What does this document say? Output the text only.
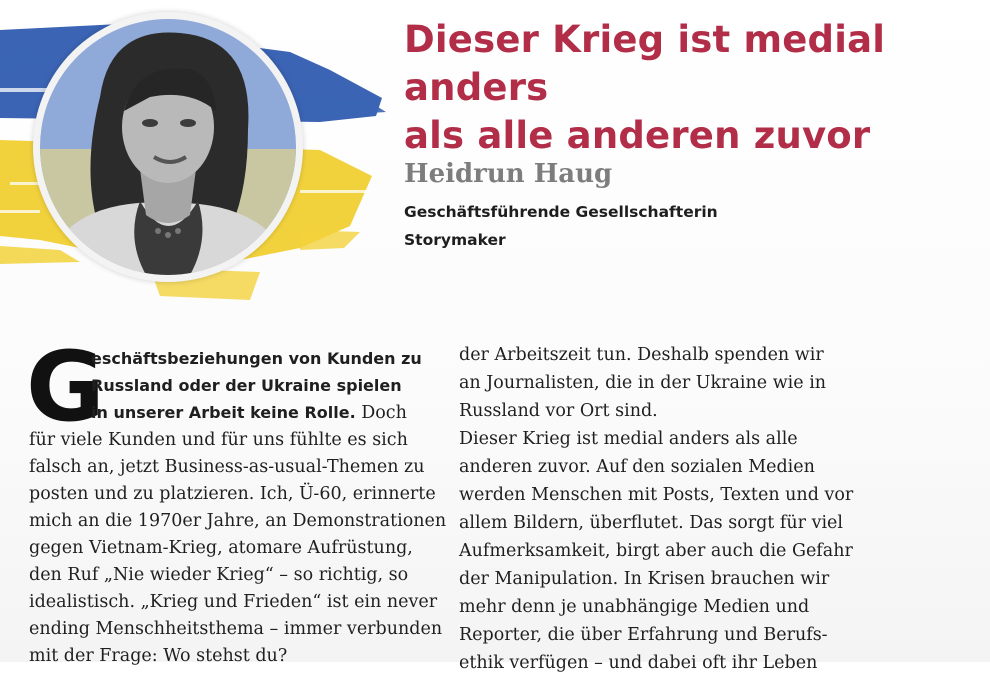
Dieser Krieg ist medial anders
als alle anderen zuvor

Heidrun Haug

Geschäftsführende Gesellschafterin

Storymaker

G
eschäftsbeziehungen von Kunden zu
Russland oder der Ukraine spielen
in unserer Arbeit keine Rolle. Doch
für viele Kunden und für uns fühlte es sich
falsch an, jetzt Business-as-usual-Themen zu
posten und zu platzieren. Ich, Ü-60, erinnerte
mich an die 1970er Jahre, an Demonstrationen
gegen Vietnam-Krieg, atomare Aufrüstung,
den Ruf „Nie wieder Krieg“ – so richtig, so
idealistisch. „Krieg und Frieden“ ist ein never
ending Menschheitsthema – immer verbunden
mit der Frage: Wo stehst du?
der Arbeitszeit tun. Deshalb spenden wir
an Journalisten, die in der Ukraine wie in
Russland vor Ort sind.
Dieser Krieg ist medial anders als alle
anderen zuvor. Auf den sozialen Medien
werden Menschen mit Posts, Texten und vor
allem Bildern, überflutet. Das sorgt für viel
Aufmerksamkeit, birgt aber auch die Gefahr
der Manipulation. In Krisen brauchen wir
mehr denn je unabhängige Medien und
Reporter, die über Erfahrung und Berufs-
ethik verfügen – und dabei oft ihr Leben
